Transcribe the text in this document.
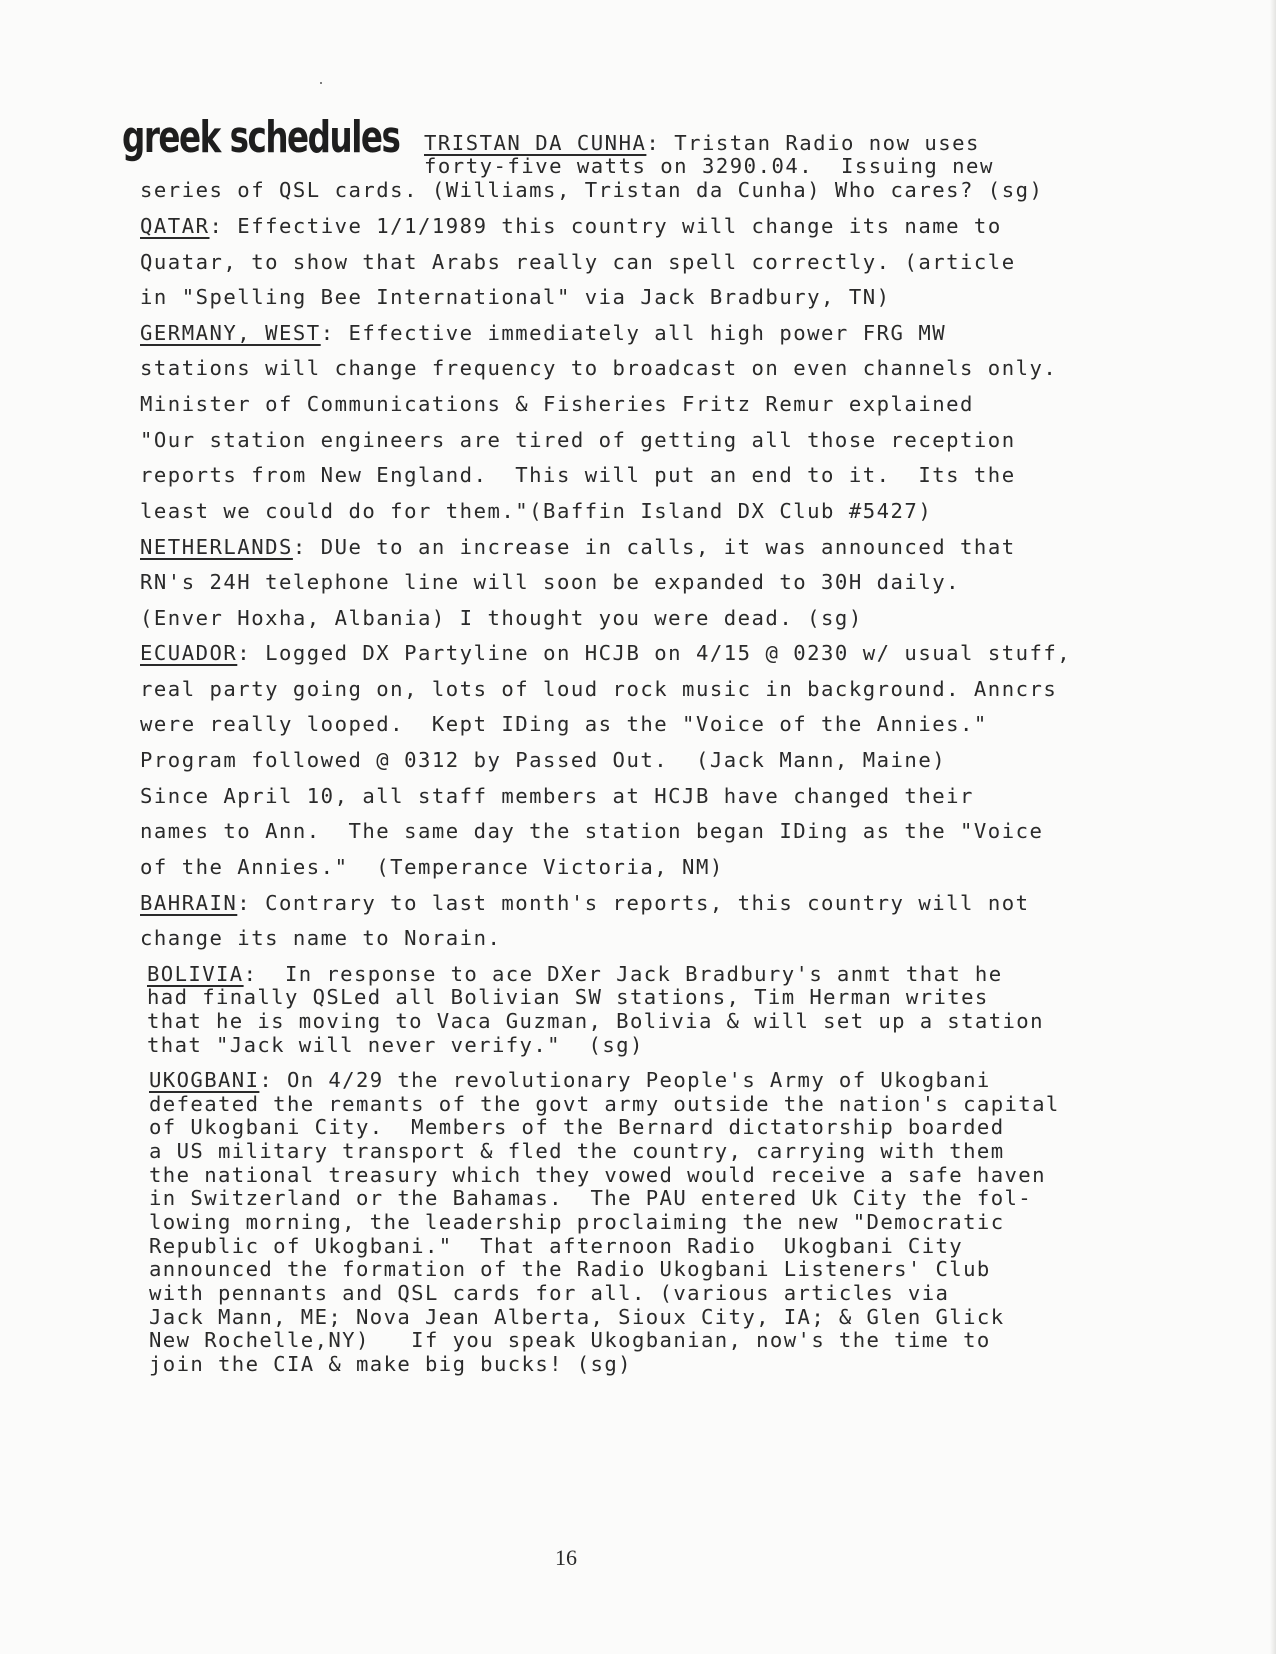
greek schedules TRISTAN DA CUNHA: Tristan Radio now uses
forty-five watts on 3290.04.  Issuing new
series of QSL cards. (Williams, Tristan da Cunha) Who cares? (sg)
QATAR: Effective 1/1/1989 this country will change its name to
Quatar, to show that Arabs really can spell correctly. (article
in "Spelling Bee International" via Jack Bradbury, TN)
GERMANY, WEST: Effective immediately all high power FRG MW
stations will change frequency to broadcast on even channels only.
Minister of Communications & Fisheries Fritz Remur explained
"Our station engineers are tired of getting all those reception
reports from New England.  This will put an end to it.  Its the
least we could do for them."(Baffin Island DX Club #5427)
NETHERLANDS: DUe to an increase in calls, it was announced that
RN's 24H telephone line will soon be expanded to 30H daily.
(Enver Hoxha, Albania) I thought you were dead. (sg)
ECUADOR: Logged DX Partyline on HCJB on 4/15 @ 0230 w/ usual stuff,
real party going on, lots of loud rock music in background. Anncrs
were really looped.  Kept IDing as the "Voice of the Annies."
Program followed @ 0312 by Passed Out.  (Jack Mann, Maine)
Since April 10, all staff members at HCJB have changed their
names to Ann.  The same day the station began IDing as the "Voice
of the Annies."  (Temperance Victoria, NM)
BAHRAIN: Contrary to last month's reports, this country will not
change its name to Norain.
BOLIVIA:  In response to ace DXer Jack Bradbury's anmt that he
had finally QSLed all Bolivian SW stations, Tim Herman writes
that he is moving to Vaca Guzman, Bolivia & will set up a station
that "Jack will never verify."  (sg)
UKOGBANI: On 4/29 the revolutionary People's Army of Ukogbani
defeated the remants of the govt army outside the nation's capital
of Ukogbani City.  Members of the Bernard dictatorship boarded
a US military transport & fled the country, carrying with them
the national treasury which they vowed would receive a safe haven
in Switzerland or the Bahamas.  The PAU entered Uk City the fol-
lowing morning, the leadership proclaiming the new "Democratic
Republic of Ukogbani."  That afternoon Radio  Ukogbani City
announced the formation of the Radio Ukogbani Listeners' Club
with pennants and QSL cards for all. (various articles via
Jack Mann, ME; Nova Jean Alberta, Sioux City, IA; & Glen Glick
New Rochelle,NY)   If you speak Ukogbanian, now's the time to
join the CIA & make big bucks! (sg)
16
